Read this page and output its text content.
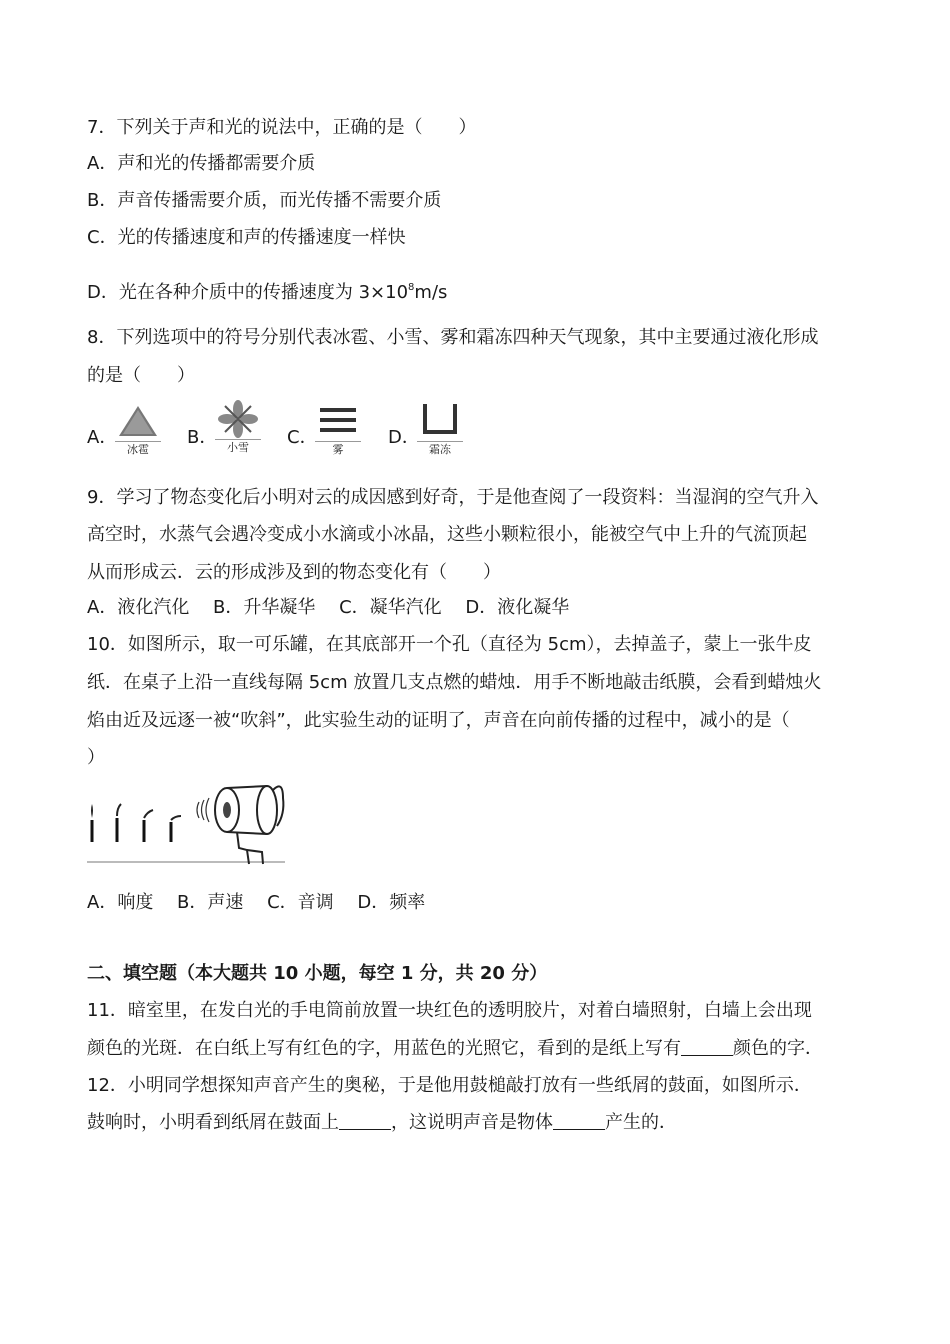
7．下列关于声和光的说法中，正确的是（　　）
A．声和光的传播都需要介质
B．声音传播需要介质，而光传播不需要介质
C．光的传播速度和声的传播速度一样快
D．光在各种介质中的传播速度为 $3\times 10^8m/s$
8．下列选项中的符号分别代表冰雹、小雪、雾和霜冻四种天气现象，其中主要通过液化形成
的是（　　）
A．
冰雹
B． 小雪	C．
雾
D．
霜冻
9．学习了物态变化后小明对云的成因感到好奇，于是他查阅了一段资料：当湿润的空气升入
高空时，水蒸气会遇冷变成小水滴或小冰晶，这些小颗粒很小，能被空气中上升的气流顶起
从而形成云．云的形成涉及到的物态变化有（　　）
A．液化汽化　 B．升华凝华　 C．凝华汽化　 D．液化凝华
10．如图所示，取一可乐罐，在其底部开一个孔（直径为 5cm），去掉盖子，蒙上一张牛皮
纸．在桌子上沿一直线每隔 5cm 放置几支点燃的蜡烛．用手不断地敲击纸膜，会看到蜡烛火
焰由近及远逐一被“吹斜”，此实验生动的证明了，声音在向前传播的过程中，减小的是（
）
A．响度　 B．声速　 C．音调　 D．频率
二、填空题（本大题共 10 小题，每空 1 分，共 20 分）
11．暗室里，在发白光的手电筒前放置一块红色的透明胶片，对着白墙照射，白墙上会出现
颜色的光斑．在白纸上写有红色的字，用蓝色的光照它，看到的是纸上写有	颜色的字．
12．小明同学想探知声音产生的奥秘，于是他用鼓槌敲打放有一些纸屑的鼓面，如图所示．
鼓响时，小明看到纸屑在鼓面上	，这说明声音是物体	产生的．
